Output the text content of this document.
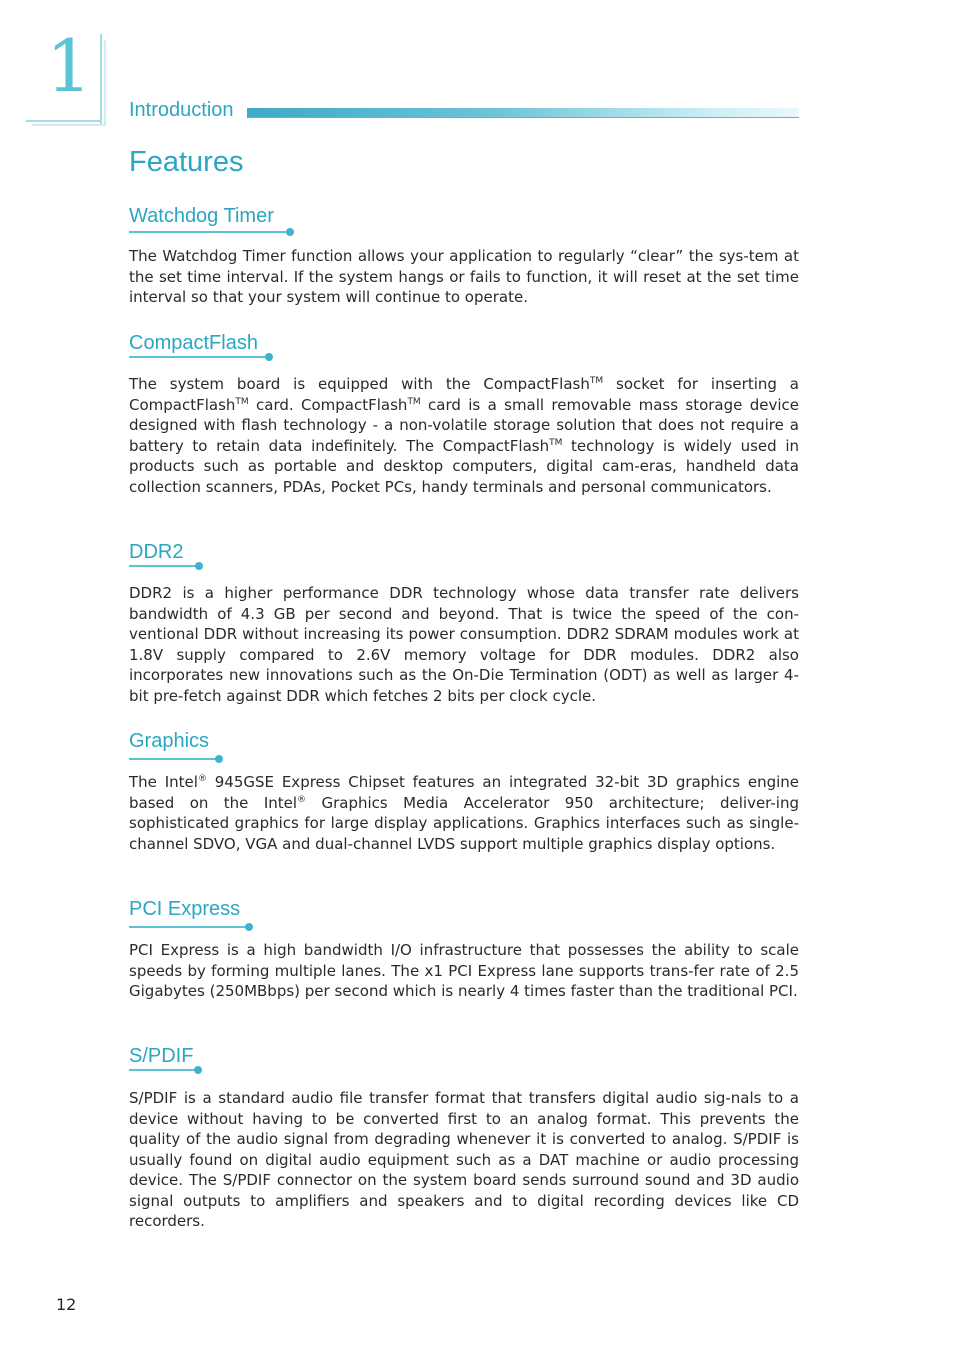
1
Introduction
Features
Watchdog Timer

The Watchdog Timer function allows your application to regularly “clear” the sys-tem at the set time interval. If the system hangs or fails to function, it will reset at the set time interval so that your system will continue to operate.

CompactFlash

The system board is equipped with the CompactFlash™ socket for inserting a CompactFlash™ card. CompactFlash™ card is a small removable mass storage device designed with flash technology - a non-volatile storage solution that does not require a battery to retain data indefinitely. The CompactFlash™ technology is widely used in products such as portable and desktop computers, digital cam-eras, handheld data collection scanners, PDAs, Pocket PCs, handy terminals and personal communicators.

DDR2

DDR2 is a higher performance DDR technology whose data transfer rate delivers bandwidth of 4.3 GB per second and beyond. That is twice the speed of the con-ventional DDR without increasing its power consumption. DDR2 SDRAM modules work at 1.8V supply compared to 2.6V memory voltage for DDR modules. DDR2 also incorporates new innovations such as the On-Die Termination (ODT) as well as larger 4-bit pre-fetch against DDR which fetches 2 bits per clock cycle.

Graphics

The Intel® 945GSE Express Chipset features an integrated 32-bit 3D graphics engine based on the Intel® Graphics Media Accelerator 950 architecture; deliver-ing sophisticated graphics for large display applications. Graphics interfaces such as single-channel SDVO, VGA and dual-channel LVDS support multiple graphics display options.

PCI Express

PCI Express is a high bandwidth I/O infrastructure that possesses the ability to scale speeds by forming multiple lanes. The x1 PCI Express lane supports trans-fer rate of 2.5 Gigabytes (250MBbps) per second which is nearly 4 times faster than the traditional PCI.

S/PDIF

S/PDIF is a standard audio file transfer format that transfers digital audio sig-nals to a device without having to be converted first to an analog format. This prevents the quality of the audio signal from degrading whenever it is converted to analog. S/PDIF is usually found on digital audio equipment such as a DAT machine or audio processing device. The S/PDIF connector on the system board sends surround sound and 3D audio signal outputs to amplifiers and speakers and to digital recording devices like CD recorders.

12
